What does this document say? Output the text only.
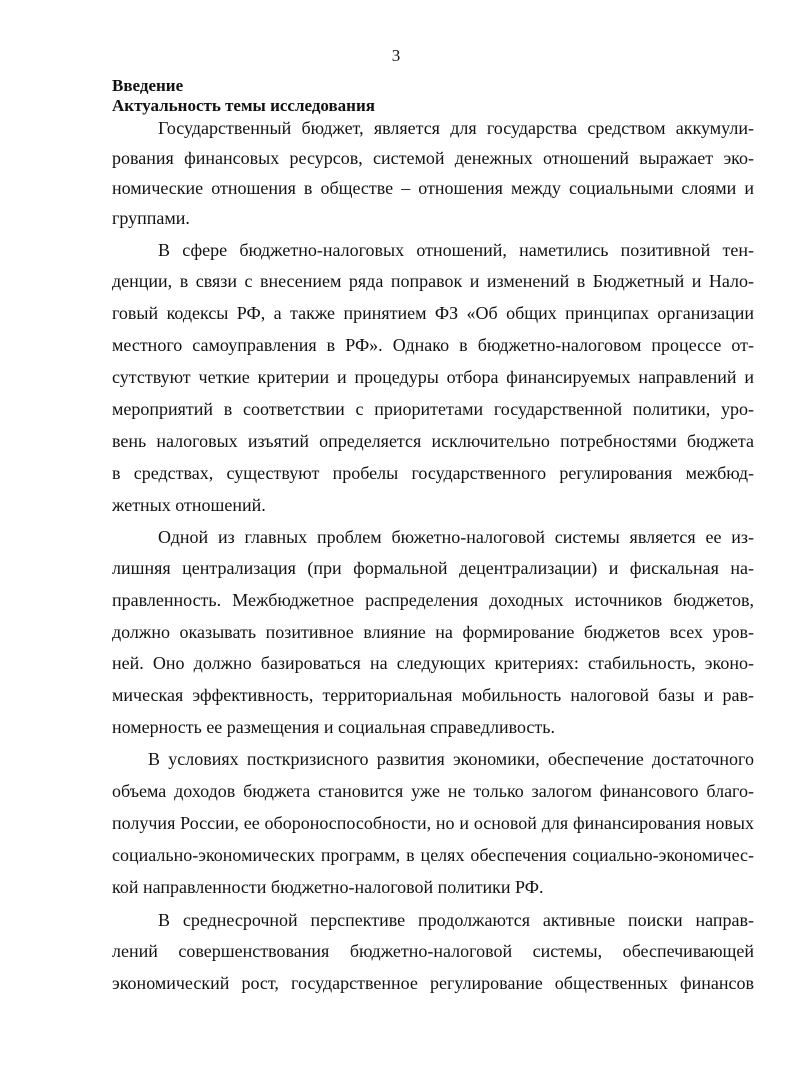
3
Введение
Актуальность темы исследования
Государственный бюджет, является для государства средством аккумули-
рования финансовых ресурсов, системой денежных отношений выражает эко-
номические отношения в обществе – отношения между социальными слоями и
группами.
В сфере бюджетно-налоговых отношений, наметились позитивной тен-
денции, в связи с внесением ряда поправок и изменений в Бюджетный и Нало-
говый кодексы РФ, а также принятием ФЗ «Об общих принципах организации
местного самоуправления в РФ». Однако в бюджетно-налоговом процессе от-
сутствуют четкие критерии и процедуры отбора финансируемых направлений и
мероприятий в соответствии с приоритетами государственной политики, уро-
вень налоговых изъятий определяется исключительно потребностями бюджета
в средствах, существуют пробелы государственного регулирования межбюд-
жетных отношений.
Одной из главных проблем бюжетно-налоговой системы является ее из-
лишняя централизация (при формальной децентрализации) и фискальная на-
правленность. Межбюджетное распределения доходных источников бюджетов,
должно оказывать позитивное влияние на формирование бюджетов всех уров-
ней. Оно должно базироваться на следующих критериях: стабильность, эконо-
мическая эффективность, территориальная мобильность налоговой базы и рав-
номерность ее размещения и социальная справедливость.
В условиях посткризисного развития экономики, обеспечение достаточного
объема доходов бюджета становится уже не только залогом финансового благо-
получия России, ее обороноспособности, но и основой для финансирования новых
социально-экономических программ, в целях обеспечения социально-экономичес-
кой направленности бюджетно-налоговой политики РФ.
В среднесрочной перспективе продолжаются активные поиски направ-
лений совершенствования бюджетно-налоговой системы, обеспечивающей
экономический рост, государственное регулирование общественных финансов
